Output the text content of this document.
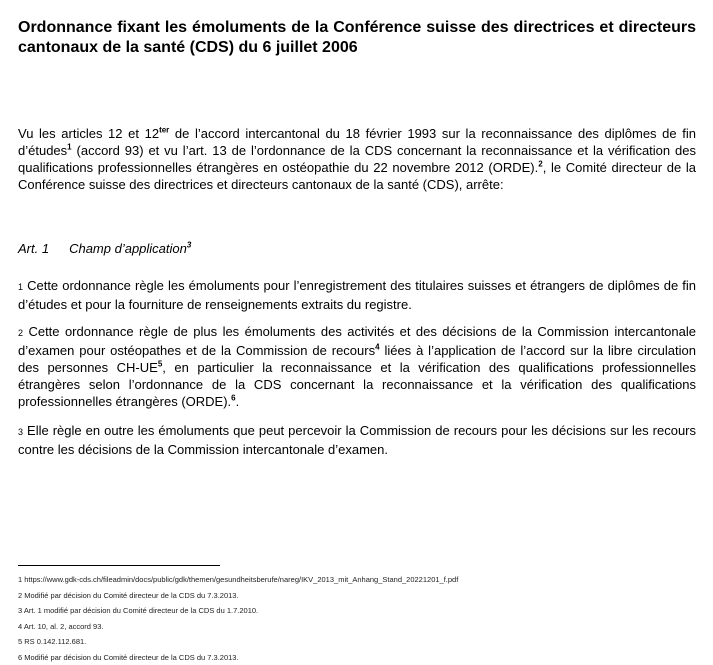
Ordonnance fixant les émoluments de la Conférence suisse des directrices et directeurs cantonaux de la santé (CDS) du 6 juillet 2006

Vu les articles 12 et $12^{ter}$ de l’accord intercantonal du 18 février 1993 sur la reconnaissance des diplômes de fin d’études$^1$ (accord 93) et vu l’art. 13 de l’ordonnance de la CDS concernant la reconnaissance et la vérification des qualifications professionnelles étrangères en ostéopathie du 22 novembre 2012 (ORDE).$^2$, le Comité directeur de la Conférence suisse des directrices et directeurs cantonaux de la santé (CDS), arrête:

Art. 1 Champ d’application$^3$

1 Cette ordonnance règle les émoluments pour l’enregistrement des titulaires suisses et étrangers de diplômes de fin d’études et pour la fourniture de renseignements extraits du registre.

2 Cette ordonnance règle de plus les émoluments des activités et des décisions de la Commission intercantonale d’examen pour ostéopathes et de la Commission de recours$^4$ liées à l’application de l’accord sur la libre circulation des personnes CH-UE$^5$, en particulier la reconnaissance et la vérification des qualifications professionnelles étrangères selon l’ordonnance de la CDS concernant la reconnaissance et la vérification des qualifications professionnelles étrangères (ORDE).$^6$.

3 Elle règle en outre les émoluments que peut percevoir la Commission de recours pour les décisions sur les recours contre les décisions de la Commission intercantonale d’examen.

1 https://www.gdk-cds.ch/fileadmin/docs/public/gdk/themen/gesundheitsberufe/nareg/IKV_2013_mit_Anhang_Stand_20221201_f.pdf
2 Modifié par décision du Comité directeur de la CDS du 7.3.2013.
3 Art. 1 modifié par décision du Comité directeur de la CDS du 1.7.2010.
4 Art. 10, al. 2, accord 93.
5 RS 0.142.112.681.
6 Modifié par décision du Comité directeur de la CDS du 7.3.2013.
